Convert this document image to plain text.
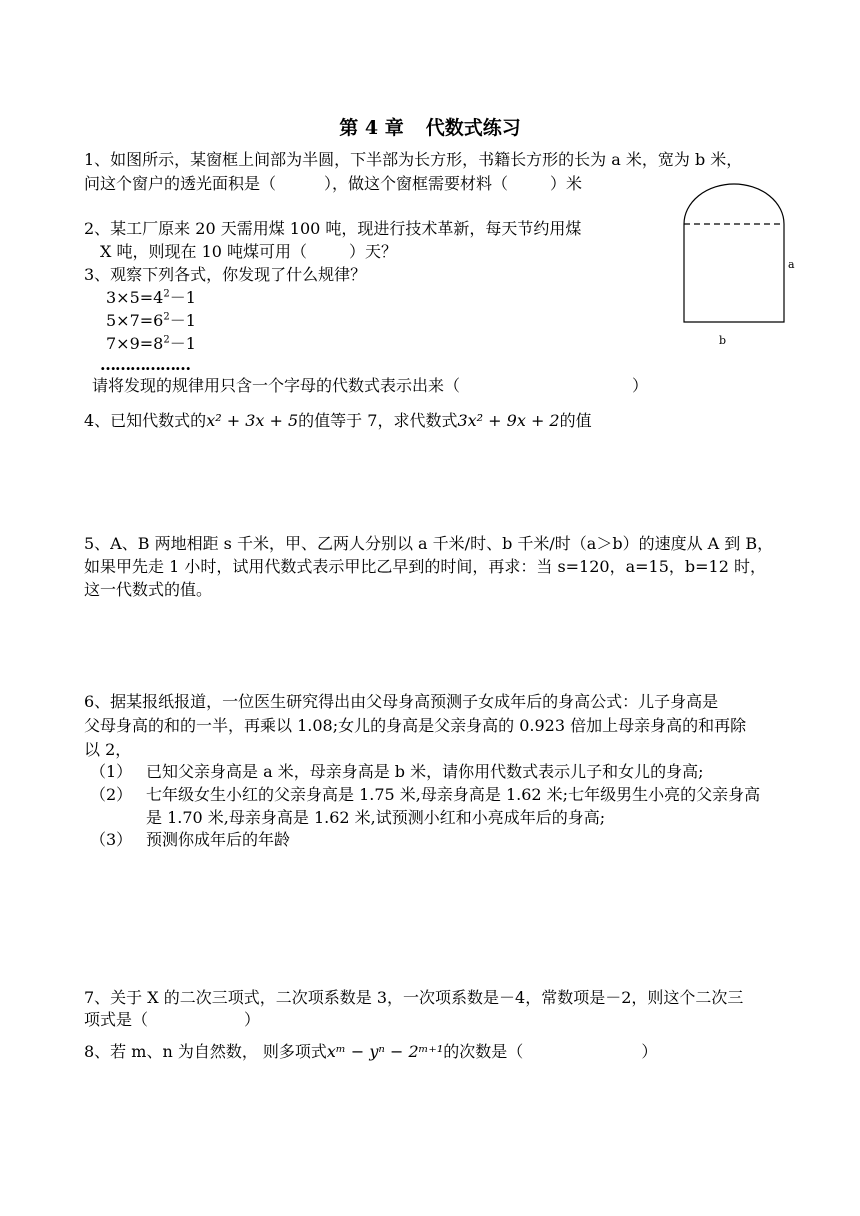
第 4 章 代数式练习
1、如图所示，某窗框上间部为半圆，下半部为长方形，书籍长方形的长为 a 米，宽为 b 米，
问这个窗户的透光面积是（	），做这个窗框需要材料（	）米
a
b
2、某工厂原来 20 天需用煤 100 吨，现进行技术革新，每天节约用煤
X 吨，则现在 10 吨煤可用（	）天？
3、观察下列各式，你发现了什么规律？
$3\times 5=4^2-1$
$5\times 7=6^2-1$
$7\times 9=8^2-1$
………………
请将发现的规律用只含一个字母的代数式表示出来（	）
4、已知代数式的x² + 3x + 5的值等于 7，求代数式3x² + 9x + 2的值
5、A、B 两地相距 s 千米，甲、乙两人分别以 a 千米/时、b 千米/时（a＞b）的速度从 A 到 B，
如果甲先走 1 小时，试用代数式表示甲比乙早到的时间，再求：当 s=120，a=15，b=12 时，
这一代数式的值。
6、据某报纸报道，一位医生研究得出由父母身高预测子女成年后的身高公式：儿子身高是
父母身高的和的一半，再乘以 1.08;女儿的身高是父亲身高的 0.923 倍加上母亲身高的和再除
以 2，
（1） 已知父亲身高是 a 米，母亲身高是 b 米，请你用代数式表示儿子和女儿的身高;
（2） 七年级女生小红的父亲身高是 1.75 米,母亲身高是 1.62 米;七年级男生小亮的父亲身高
是 1.70 米,母亲身高是 1.62 米,试预测小红和小亮成年后的身高;
（3） 预测你成年后的年龄
7、关于 X 的二次三项式，二次项系数是 3，一次项系数是－4，常数项是－2，则这个二次三
项式是（	）
8、若 m、n 为自然数， 则多项式xᵐ − yⁿ − 2ᵐ⁺¹的次数是（	）
